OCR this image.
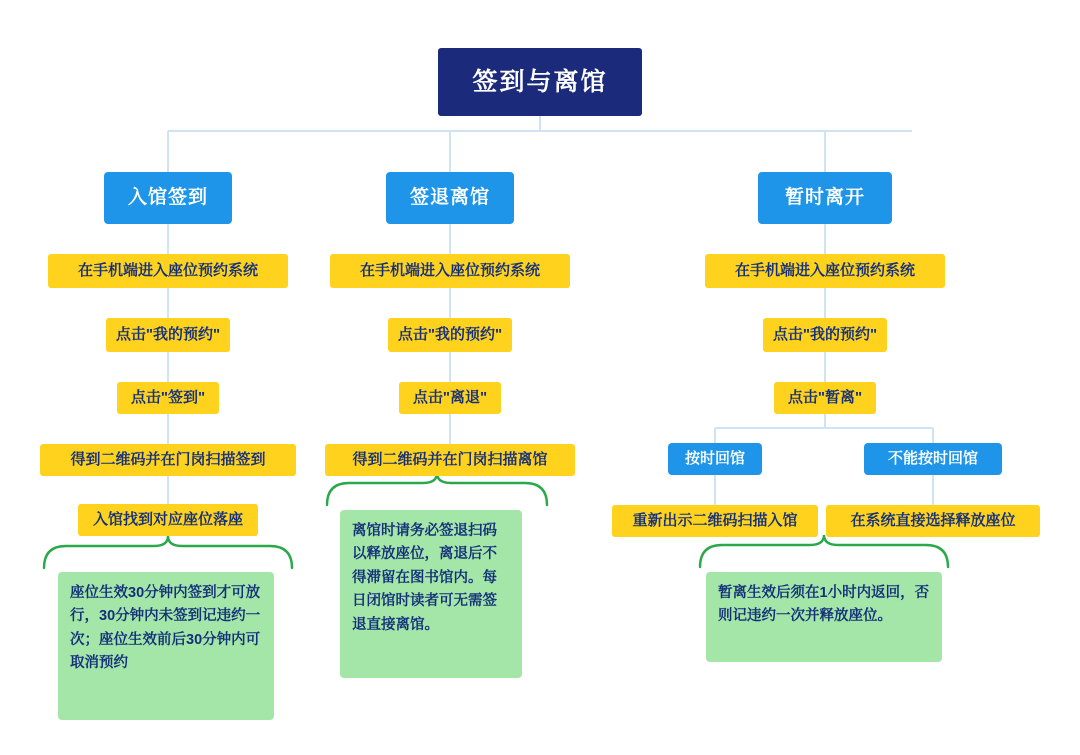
签到与离馆
入馆签到
在手机端进入座位预约系统
点击"我的预约"
点击"签到"
得到二维码并在门岗扫描签到
入馆找到对应座位落座
座位生效30分钟内签到才可放行，30分钟内未签到记违约一次；座位生效前后30分钟内可取消预约
签退离馆
在手机端进入座位预约系统
点击"我的预约"
点击"离退"
得到二维码并在门岗扫描离馆
离馆时请务必签退扫码以释放座位，离退后不得滞留在图书馆内。每日闭馆时读者可无需签退直接离馆。
暂时离开
在手机端进入座位预约系统
点击"我的预约"
点击"暂离"
按时回馆	不能按时回馆
重新出示二维码扫描入馆	在系统直接选择释放座位
暂离生效后须在1小时内返回，否则记违约一次并释放座位。
